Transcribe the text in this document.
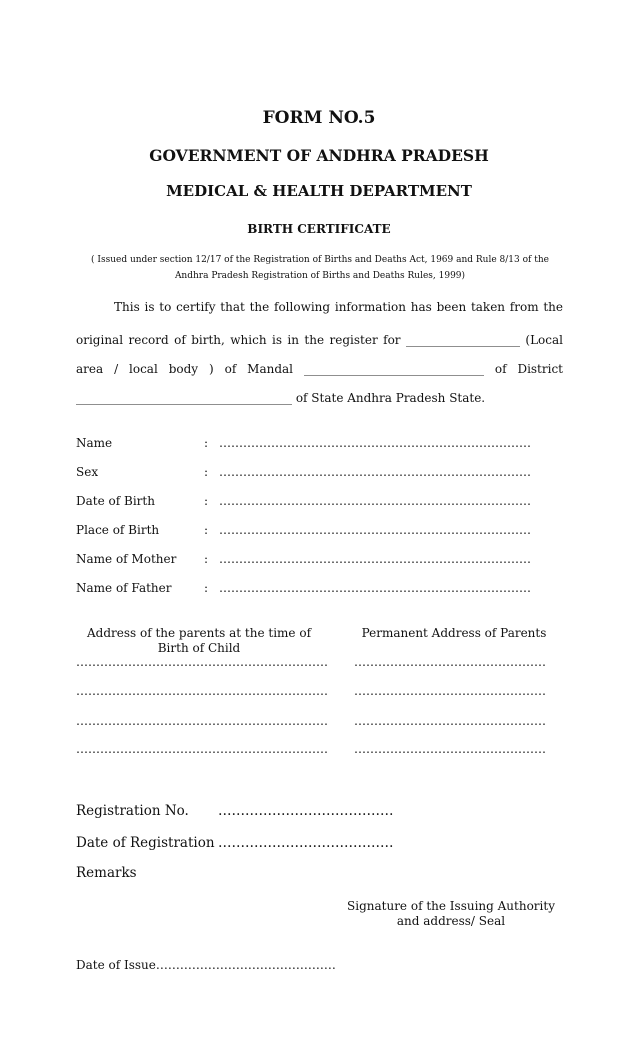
FORM NO.5
GOVERNMENT OF ANDHRA PRADESH
MEDICAL & HEALTH DEPARTMENT
BIRTH CERTIFICATE
( Issued under section 12/17 of the Registration of Births and Deaths Act, 1969 and Rule 8/13 of the Andhra Pradesh Registration of Births and Deaths Rules, 1999)
This is to certify that the following information has been taken from the
original record of birth, which is in the register for ___________________ (Local
area / local body ) of Mandal ______________________________ of District
____________________________________ of State Andhra Pradesh State.
Name	: ……………………………………………………………………
Sex	: ……………………………………………………………………
Date of Birth	: ……………………………………………………………………
Place of Birth	: ……………………………………………………………………
Name of Mother : ……………………………………………………………………
Name of Father	: ……………………………………………………………………
Address of the parents at the time of Birth of Child
Permanent Address of Parents
……………………………………………………… …………………………………………
……………………………………………………… …………………………………………
……………………………………………………… …………………………………………
……………………………………………………… …………………………………………
Registration No. …………………………………
Date of Registration …………………………………
Remarks
Signature of the Issuing Authority
and address/ Seal
Date of Issue………………………………………
